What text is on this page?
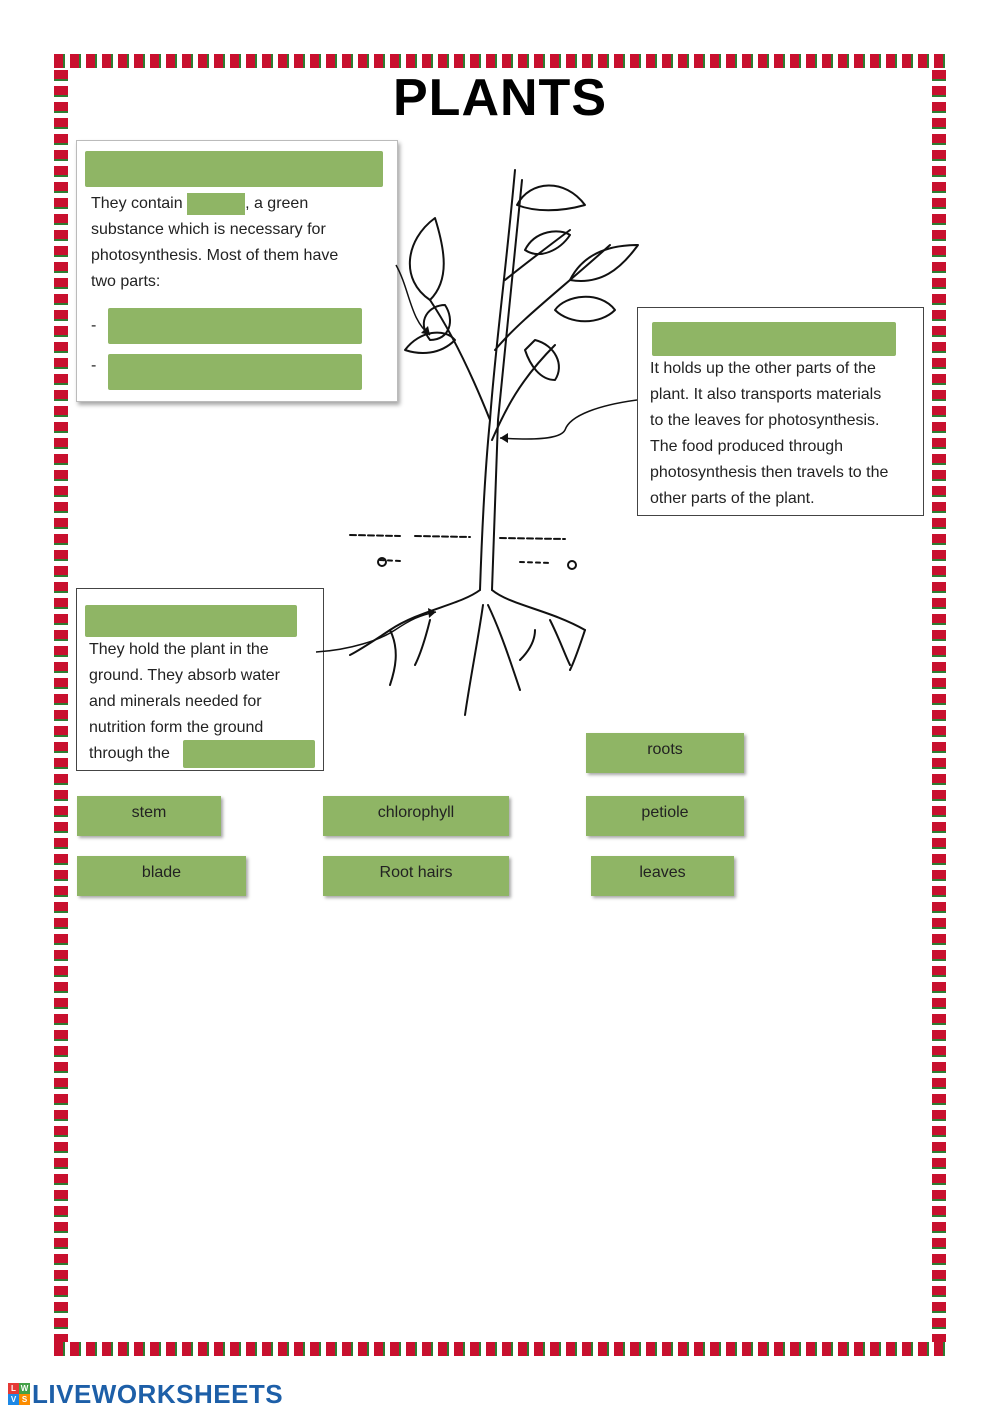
PLANTS
They contain	, a green
substance which is necessary for
photosynthesis. Most of them have
two parts:
-
-	It holds up the other parts of the
plant. It also transports materials
to the leaves for photosynthesis.
The food produced through
photosynthesis then travels to the
other parts of the plant.
They hold the plant in the
ground. They absorb water
and minerals needed for
nutrition form the ground
through the	roots
stem	chlorophyll	petiole
blade	Root hairs	leaves
L W
V S LIVEWORKSHEETS
